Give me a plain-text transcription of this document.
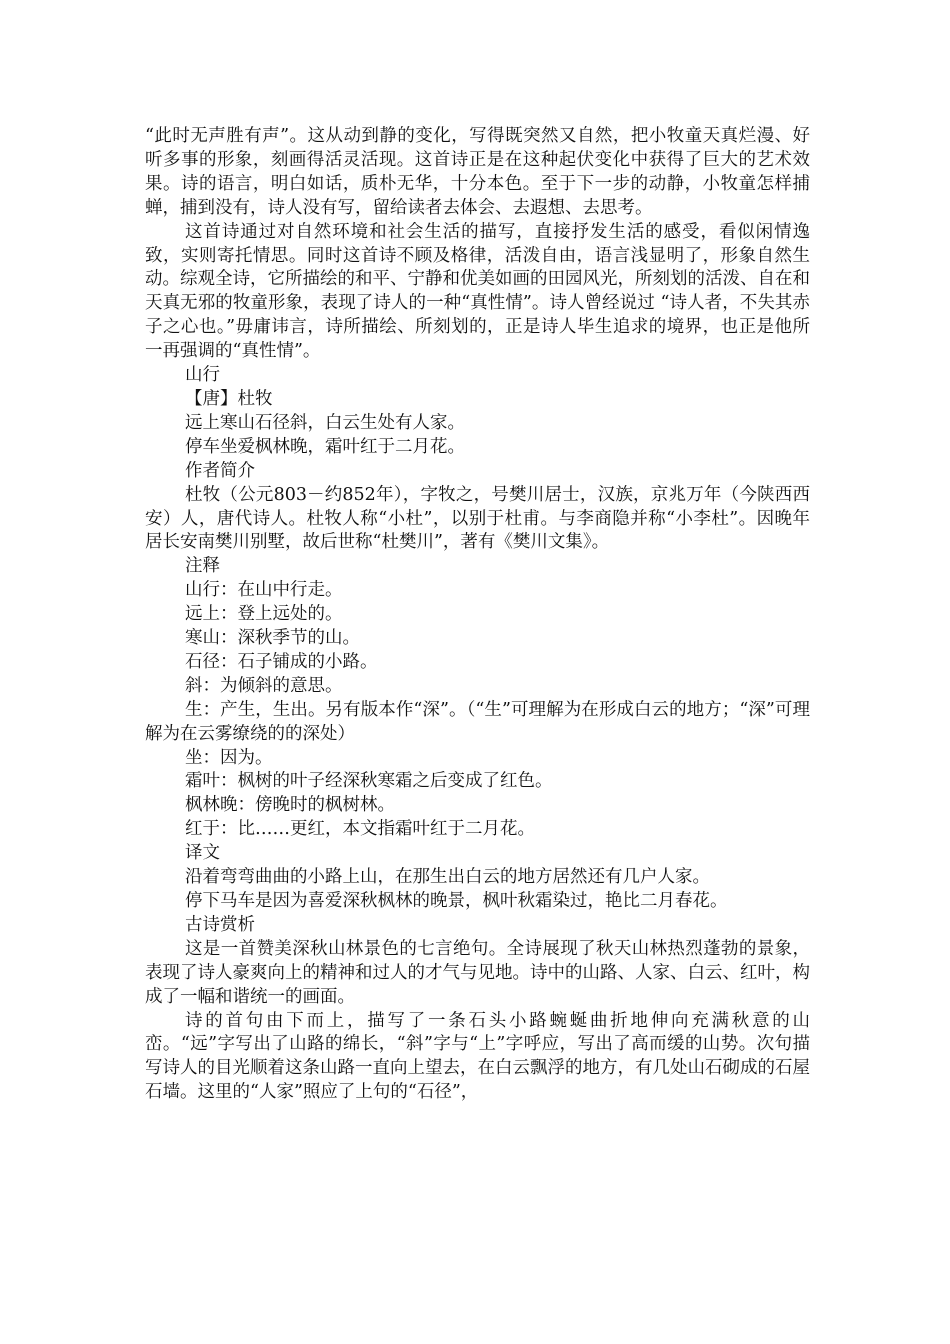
“此时无声胜有声”。这从动到静的变化，写得既突然又自然，把小牧童天真烂漫、好听多事的形象，刻画得活灵活现。这首诗正是在这种起伏变化中获得了巨大的艺术效果。诗的语言，明白如话，质朴无华，十分本色。至于下一步的动静，小牧童怎样捕蝉，捕到没有，诗人没有写，留给读者去体会、去遐想、去思考。

这首诗通过对自然环境和社会生活的描写，直接抒发生活的感受，看似闲情逸致，实则寄托情思。同时这首诗不顾及格律，活泼自由，语言浅显明了，形象自然生动。综观全诗，它所描绘的和平、宁静和优美如画的田园风光，所刻划的活泼、自在和天真无邪的牧童形象，表现了诗人的一种“真性情”。诗人曾经说过 “诗人者，不失其赤子之心也。”毋庸讳言，诗所描绘、所刻划的，正是诗人毕生追求的境界，也正是他所一再强调的“真性情”。

山行

【唐】杜牧

远上寒山石径斜，白云生处有人家。

停车坐爱枫林晚，霜叶红于二月花。

作者简介

杜牧（公元803－约852年），字牧之，号樊川居士，汉族，京兆万年（今陕西西安）人，唐代诗人。杜牧人称“小杜”，以别于杜甫。与李商隐并称“小李杜”。因晚年居长安南樊川别墅，故后世称“杜樊川”，著有《樊川文集》。

注释

山行：在山中行走。

远上：登上远处的。

寒山：深秋季节的山。

石径：石子铺成的小路。

斜：为倾斜的意思。

生：产生，生出。另有版本作“深”。（“生”可理解为在形成白云的地方；“深”可理解为在云雾缭绕的的深处）

坐：因为。

霜叶：枫树的叶子经深秋寒霜之后变成了红色。

枫林晚：傍晚时的枫树林。

红于：比……更红，本文指霜叶红于二月花。

译文

沿着弯弯曲曲的小路上山，在那生出白云的地方居然还有几户人家。

停下马车是因为喜爱深秋枫林的晚景，枫叶秋霜染过，艳比二月春花。

古诗赏析

这是一首赞美深秋山林景色的七言绝句。全诗展现了秋天山林热烈蓬勃的景象，表现了诗人豪爽向上的精神和过人的才气与见地。诗中的山路、人家、白云、红叶，构成了一幅和谐统一的画面。

诗的首句由下而上，描写了一条石头小路蜿蜒曲折地伸向充满秋意的山峦。“远”字写出了山路的绵长，“斜”字与“上”字呼应，写出了高而缓的山势。次句描写诗人的目光顺着这条山路一直向上望去，在白云飘浮的地方，有几处山石砌成的石屋石墙。这里的“人家”照应了上句的“石径”，
